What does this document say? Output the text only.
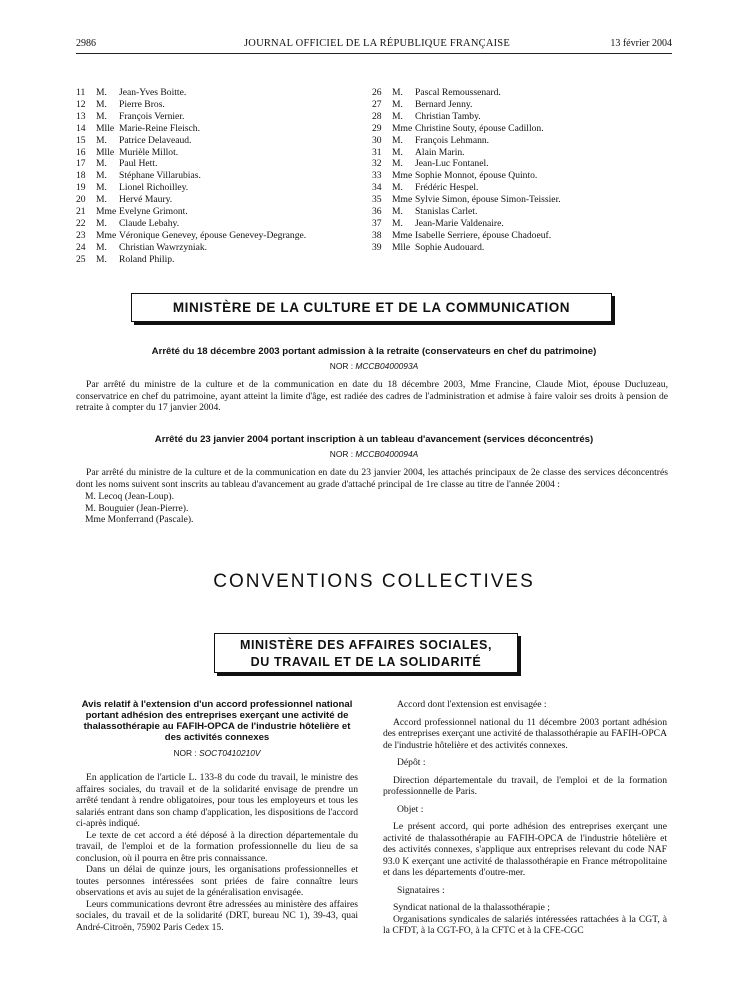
2986	JOURNAL OFFICIEL DE LA RÉPUBLIQUE FRANÇAISE	13 février 2004
11	M.	Jean-Yves Boitte.
12	M.	Pierre Bros.
13	M.	François Vernier.
14	Mlle Marie-Reine Fleisch.
15	M.	Patrice Delaveaud.
16	Mlle Murièle Millot.
17	M.	Paul Hett.
18	M.	Stéphane Villarubias.
19	M.	Lionel Richoilley.
20	M.	Hervé Maury.
21	Mme Evelyne Grimont.
22	M.	Claude Lebahy.
23	Mme Véronique Genevey, épouse Genevey-Degrange.
24	M.	Christian Wawrzyniak.
25	M.	Roland Philip.
26	M.	Pascal Remoussenard.
27	M.	Bernard Jenny.
28	M.	Christian Tamby.
29	Mme Christine Souty, épouse Cadillon.
30	M.	François Lehmann.
31	M.	Alain Marin.
32	M.	Jean-Luc Fontanel.
33	Mme Sophie Monnot, épouse Quinto.
34	M.	Frédéric Hespel.
35	Mme Sylvie Simon, épouse Simon-Teissier.
36	M.	Stanislas Carlet.
37	M.	Jean-Marie Valdenaire.
38	Mme Isabelle Serriere, épouse Chadoeuf.
39	Mlle Sophie Audouard.
MINISTÈRE DE LA CULTURE ET DE LA COMMUNICATION
Arrêté du 18 décembre 2003 portant admission à la retraite (conservateurs en chef du patrimoine)
NOR : MCCB0400093A
Par arrêté du ministre de la culture et de la communication en date du 18 décembre 2003, Mme Francine, Claude Miot, épouse Ducluzeau, conservatrice en chef du patrimoine, ayant atteint la limite d'âge, est radiée des cadres de l'administration et admise à faire valoir ses droits à pension de retraite à compter du 17 janvier 2004.
Arrêté du 23 janvier 2004 portant inscription à un tableau d'avancement (services déconcentrés)
NOR : MCCB0400094A
Par arrêté du ministre de la culture et de la communication en date du 23 janvier 2004, les attachés principaux de 2e classe des services déconcentrés dont les noms suivent sont inscrits au tableau d'avancement au grade d'attaché principal de 1re classe au titre de l'année 2004 :
M. Lecoq (Jean-Loup).
M. Bouguier (Jean-Pierre).
Mme Monferrand (Pascale).
CONVENTIONS COLLECTIVES
MINISTÈRE DES AFFAIRES SOCIALES,
DU TRAVAIL ET DE LA SOLIDARITÉ
Avis relatif à l'extension d'un accord professionnel national portant adhésion des entreprises exerçant une activité de thalassothérapie au FAFIH-OPCA de l'industrie hôtelière et des activités connexes
NOR : SOCT0410210V
En application de l'article L. 133-8 du code du travail, le ministre des affaires sociales, du travail et de la solidarité envisage de prendre un arrêté tendant à rendre obligatoires, pour tous les employeurs et tous les salariés entrant dans son champ d'application, les dispositions de l'accord ci-après indiqué.
Le texte de cet accord a été déposé à la direction départementale du travail, de l'emploi et de la formation professionnelle du lieu de sa conclusion, où il pourra en être pris connaissance.
Dans un délai de quinze jours, les organisations professionnelles et toutes personnes intéressées sont priées de faire connaître leurs observations et avis au sujet de la généralisation envisagée.
Leurs communications devront être adressées au ministère des affaires sociales, du travail et de la solidarité (DRT, bureau NC 1), 39-43, quai André-Citroën, 75902 Paris Cedex 15.
Accord dont l'extension est envisagée :
Accord professionnel national du 11 décembre 2003 portant adhésion des entreprises exerçant une activité de thalassothérapie au FAFIH-OPCA de l'industrie hôtelière et des activités connexes.
Dépôt :
Direction départementale du travail, de l'emploi et de la formation professionnelle de Paris.
Objet :
Le présent accord, qui porte adhésion des entreprises exerçant une activité de thalassothérapie au FAFIH-OPCA de l'industrie hôtelière et des activités connexes, s'applique aux entreprises relevant du code NAF 93.0 K exerçant une activité de thalassothérapie en France métropolitaine et dans les départements d'outre-mer.
Signataires :
Syndicat national de la thalassothérapie ;
Organisations syndicales de salariés intéressées rattachées à la CGT, à la CFDT, à la CGT-FO, à la CFTC et à la CFE-CGC
